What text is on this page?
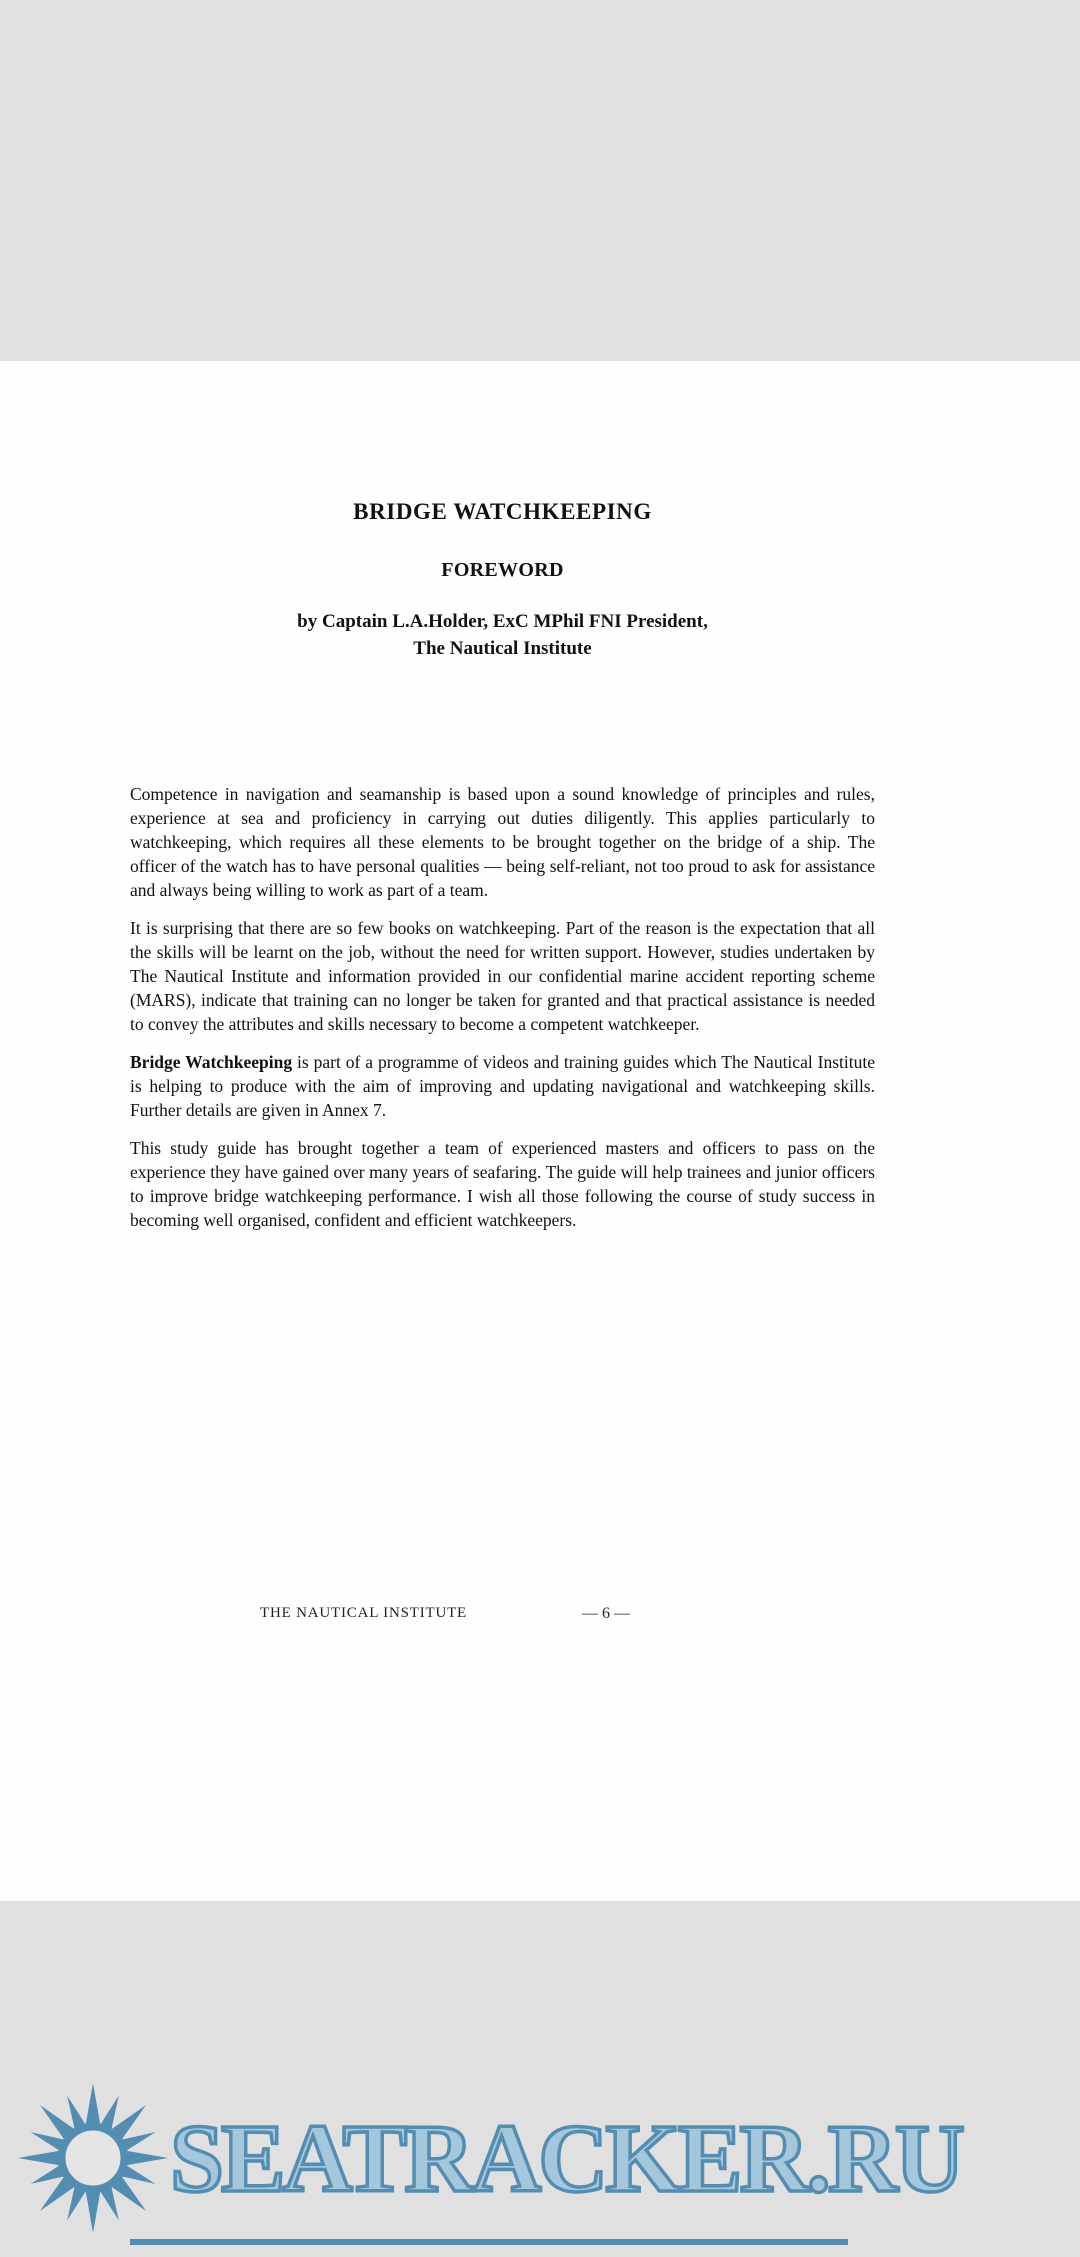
BRIDGE WATCHKEEPING
FOREWORD
by Captain L.A.Holder, ExC MPhil FNI President,
The Nautical Institute

Competence in navigation and seamanship is based upon a sound knowledge of principles and rules, experience at sea and proficiency in carrying out duties diligently. This applies particularly to watchkeeping, which requires all these elements to be brought together on the bridge of a ship. The officer of the watch has to have personal qualities — being self-reliant, not too proud to ask for assistance and always being willing to work as part of a team.

It is surprising that there are so few books on watchkeeping. Part of the reason is the expectation that all the skills will be learnt on the job, without the need for written support. However, studies undertaken by The Nautical Institute and information provided in our confidential marine accident reporting scheme (MARS), indicate that training can no longer be taken for granted and that practical assistance is needed to convey the attributes and skills necessary to become a competent watchkeeper.

Bridge Watchkeeping is part of a programme of videos and training guides which The Nautical Institute is helping to produce with the aim of improving and updating navigational and watchkeeping skills. Further details are given in Annex 7.

This study guide has brought together a team of experienced masters and officers to pass on the experience they have gained over many years of seafaring. The guide will help trainees and junior officers to improve bridge watchkeeping performance. I wish all those following the course of study success in becoming well organised, confident and efficient watchkeepers.

THE NAUTICAL INSTITUTE	— 6 —
SEATRACKER.RU
